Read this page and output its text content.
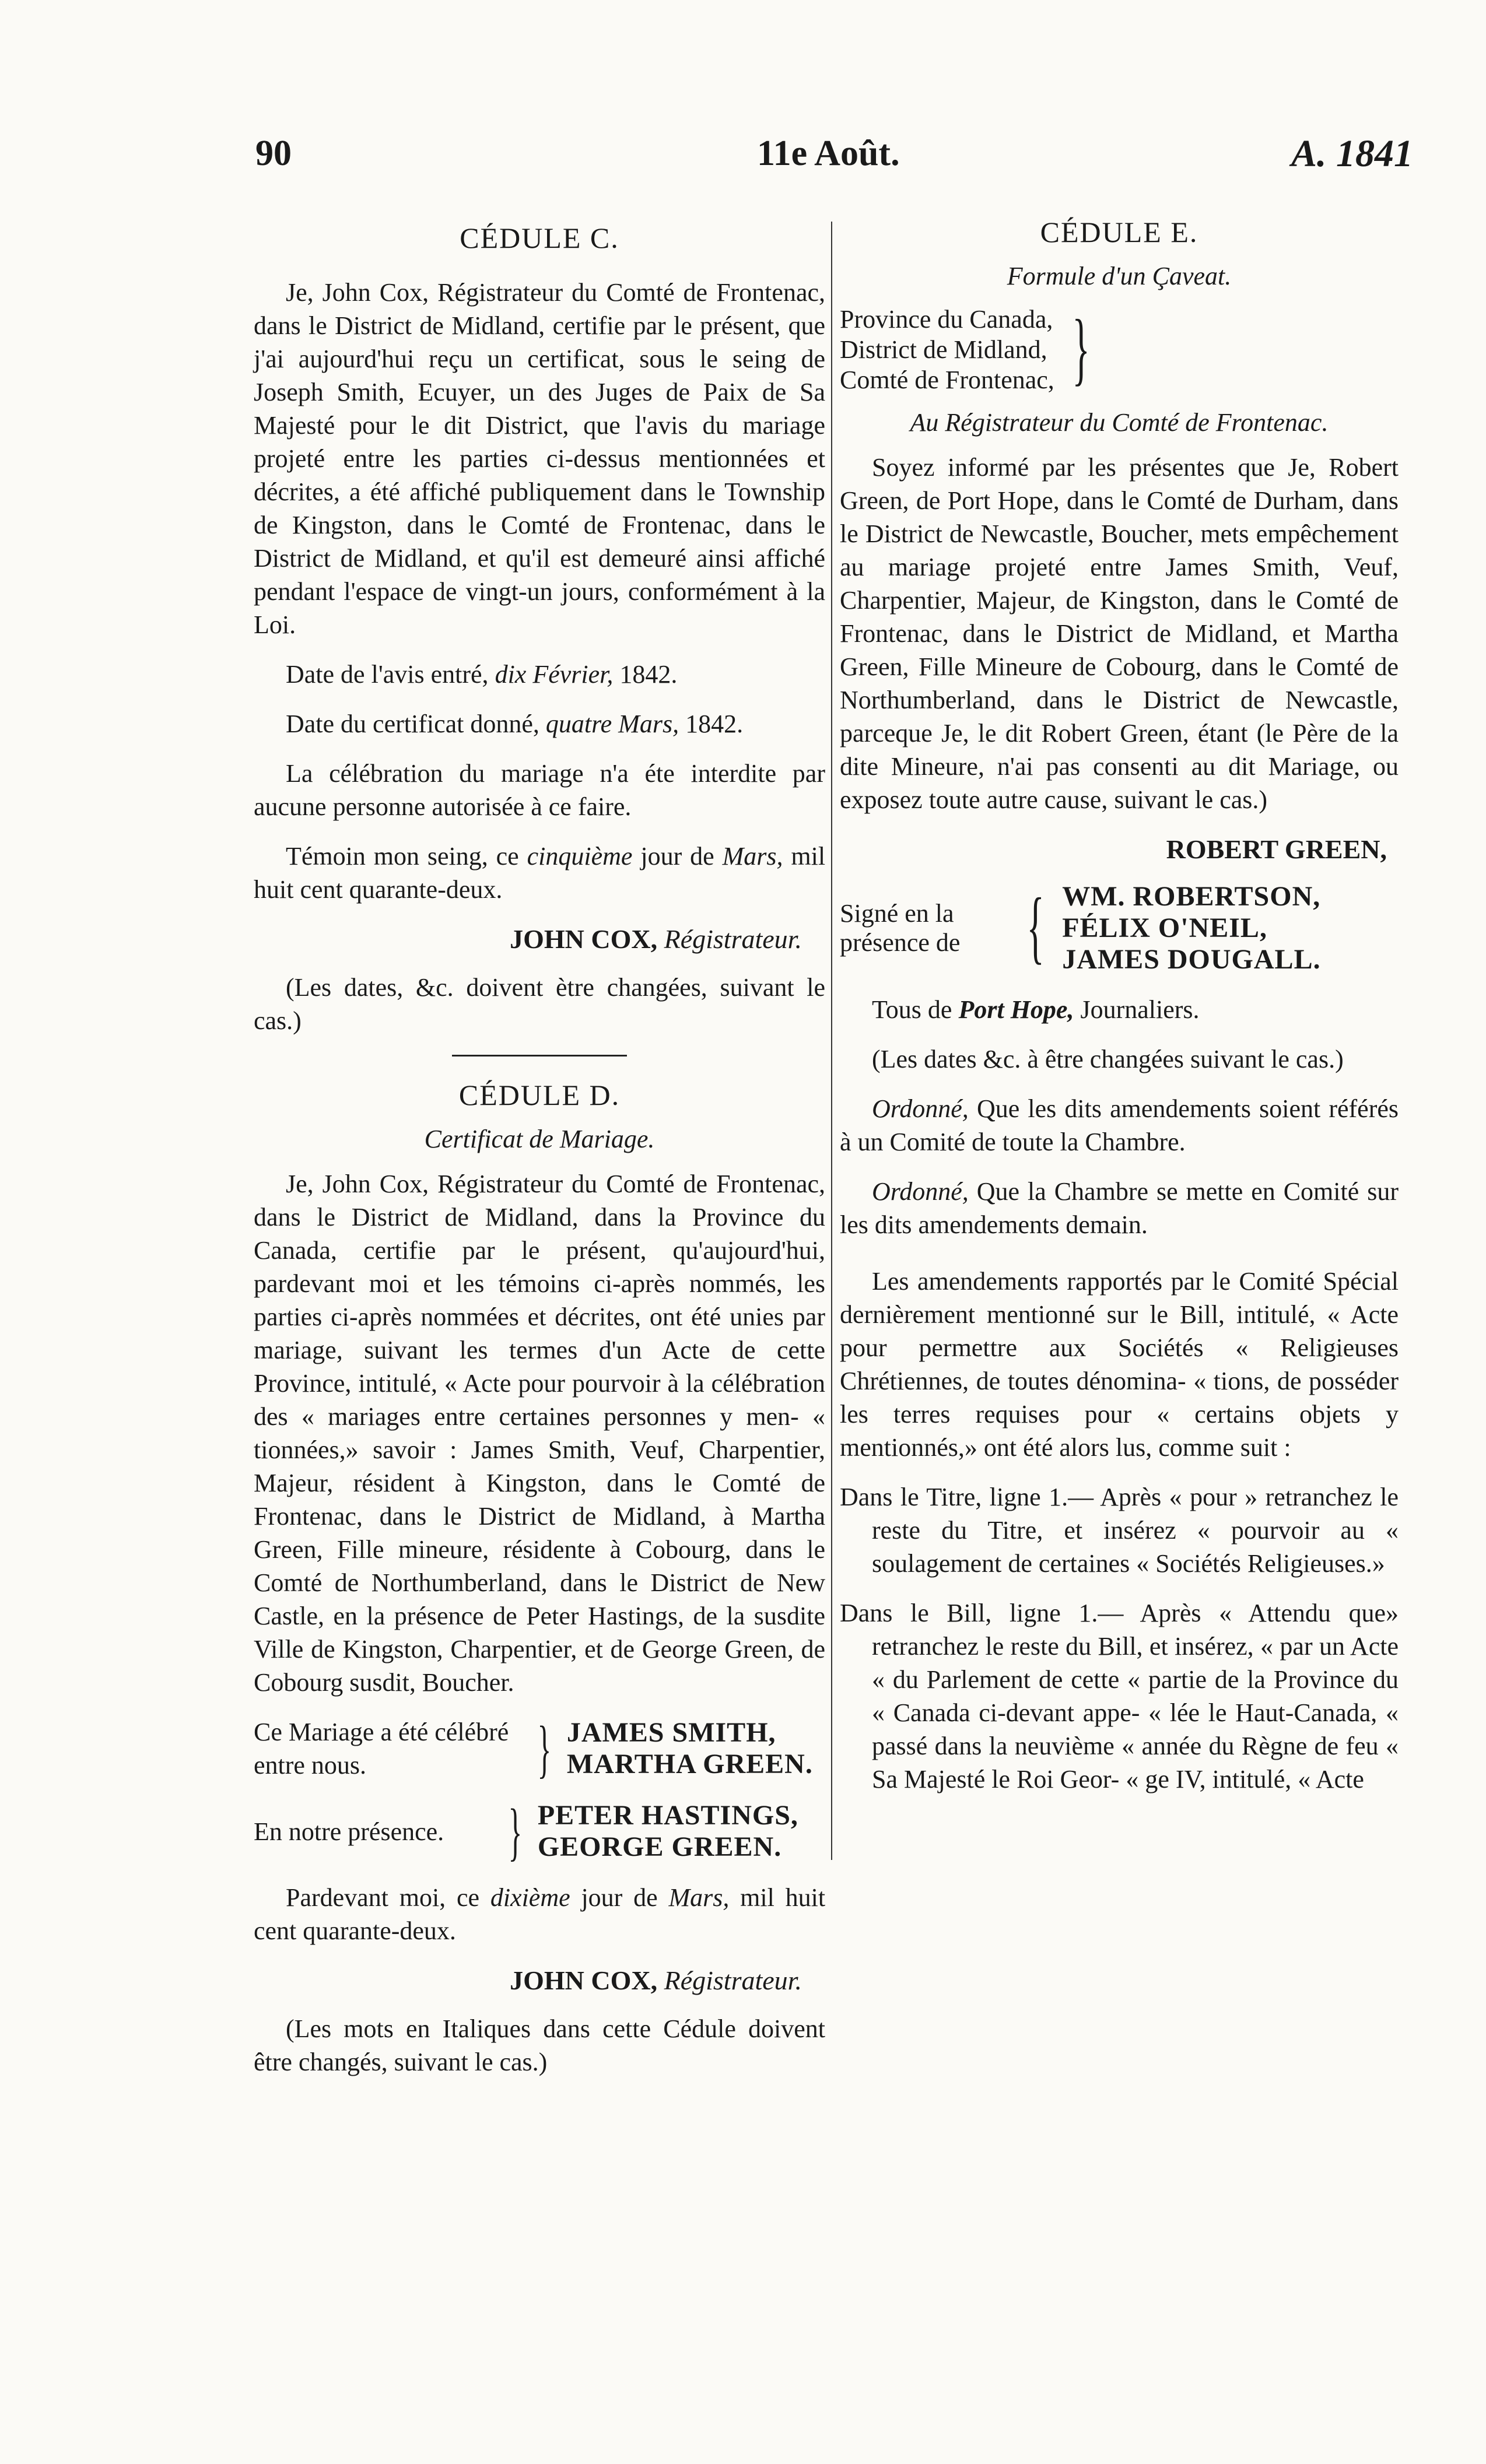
90	11e Août.	A. 1841
CÉDULE C.

Je, John Cox, Régistrateur du Comté de Frontenac, dans le District de Midland, certifie par le présent, que j'ai aujourd'hui reçu un certificat, sous le seing de Joseph Smith, Ecuyer, un des Juges de Paix de Sa Majesté pour le dit District, que l'avis du mariage projeté entre les parties ci-dessus mentionnées et décrites, a été affiché publiquement dans le Township de Kingston, dans le Comté de Frontenac, dans le District de Midland, et qu'il est demeuré ainsi affiché pendant l'espace de vingt-un jours, conformément à la Loi.

Date de l'avis entré, dix Février, 1842.

Date du certificat donné, quatre Mars, 1842.

La célébration du mariage n'a éte interdite par aucune personne autorisée à ce faire.

Témoin mon seing, ce cinquième jour de Mars, mil huit cent quarante-deux.

JOHN COX, Régistrateur.

(Les dates, &c. doivent ètre changées, suivant le cas.)

CÉDULE D.
Certificat de Mariage.

Je, John Cox, Régistrateur du Comté de Frontenac, dans le District de Midland, dans la Province du Canada, certifie par le présent, qu'aujourd'hui, pardevant moi et les témoins ci-après nommés, les parties ci-après nommées et décrites, ont été unies par mariage, suivant les termes d'un Acte de cette Province, intitulé, « Acte pour pourvoir à la célébration des « mariages entre certaines personnes y men- « tionnées,» savoir : James Smith, Veuf, Charpentier, Majeur, résident à Kingston, dans le Comté de Frontenac, dans le District de Midland, à Martha Green, Fille mineure, résidente à Cobourg, dans le Comté de Northumberland, dans le District de New Castle, en la présence de Peter Hastings, de la susdite Ville de Kingston, Charpentier, et de George Green, de Cobourg susdit, Boucher.

Ce Mariage a été célébré entre nous.	}	JAMES SMITH,
MARTHA GREEN.
En notre présence.	}	PETER HASTINGS,
GEORGE GREEN.

Pardevant moi, ce dixième jour de Mars, mil huit cent quarante-deux.

JOHN COX, Régistrateur.

(Les mots en Italiques dans cette Cédule doivent être changés, suivant le cas.)

CÉDULE E.
Formule d'un Çaveat.
Province du Canada,
District de Midland,
Comté de Frontenac,	}
Au Régistrateur du Comté de Frontenac.

Soyez informé par les présentes que Je, Robert Green, de Port Hope, dans le Comté de Durham, dans le District de Newcastle, Boucher, mets empêchement au mariage projeté entre James Smith, Veuf, Charpentier, Majeur, de Kingston, dans le Comté de Frontenac, dans le District de Midland, et Martha Green, Fille Mineure de Cobourg, dans le Comté de Northumberland, dans le District de Newcastle, parceque Je, le dit Robert Green, étant (le Père de la dite Mineure, n'ai pas consenti au dit Mariage, ou exposez toute autre cause, suivant le cas.)

ROBERT GREEN,
Signé en la présence de	{	WM. ROBERTSON,
FÉLIX O'NEIL,
JAMES DOUGALL.

Tous de Port Hope, Journaliers.

(Les dates &c. à être changées suivant le cas.)

Ordonné, Que les dits amendements soient référés à un Comité de toute la Chambre.

Ordonné, Que la Chambre se mette en Comité sur les dits amendements demain.

Les amendements rapportés par le Comité Spécial dernièrement mentionné sur le Bill, intitulé, « Acte pour permettre aux Sociétés « Religieuses Chrétiennes, de toutes dénomina- « tions, de posséder les terres requises pour « certains objets y mentionnés,» ont été alors lus, comme suit :

Dans le Titre, ligne 1.— Après « pour » retranchez le reste du Titre, et insérez « pourvoir au « soulagement de certaines « Sociétés Religieuses.»

Dans le Bill, ligne 1.— Après « Attendu que» retranchez le reste du Bill, et insérez, « par un Acte « du Parlement de cette « partie de la Province du « Canada ci-devant appe- « lée le Haut-Canada, « passé dans la neuvième « année du Règne de feu « Sa Majesté le Roi Geor- « ge IV, intitulé, « Acte
